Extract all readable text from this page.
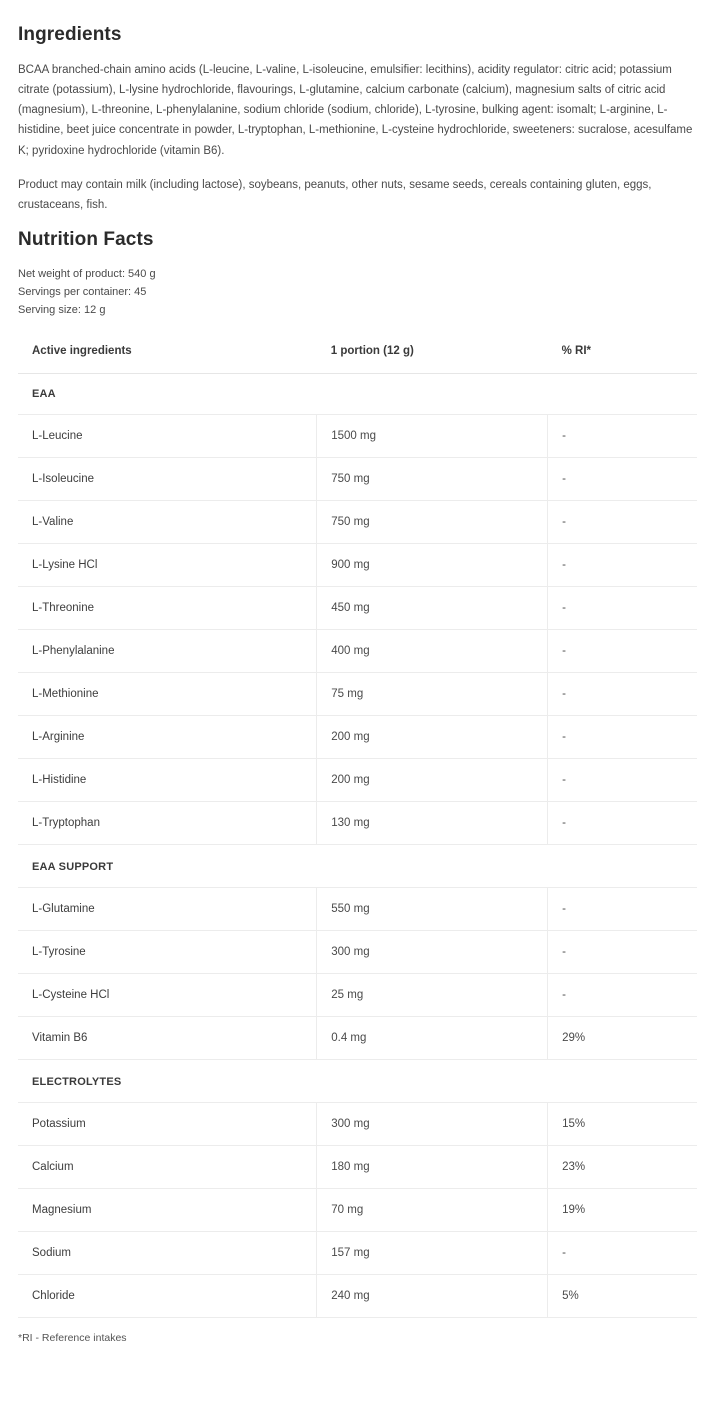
Ingredients

BCAA branched-chain amino acids (L-leucine, L-valine, L-isoleucine, emulsifier: lecithins), acidity regulator: citric acid; potassium citrate (potassium), L-lysine hydrochloride, flavourings, L-glutamine, calcium carbonate (calcium), magnesium salts of citric acid (magnesium), L-threonine, L-phenylalanine, sodium chloride (sodium, chloride), L-tyrosine, bulking agent: isomalt; L-arginine, L-histidine, beet juice concentrate in powder, L-tryptophan, L-methionine, L-cysteine hydrochloride, sweeteners: sucralose, acesulfame K; pyridoxine hydrochloride (vitamin B6).

Product may contain milk (including lactose), soybeans, peanuts, other nuts, sesame seeds, cereals containing gluten, eggs, crustaceans, fish.

Nutrition Facts
Net weight of product: 540 g
Servings per container: 45
Serving size: 12 g
Active ingredients	1 portion (12 g)	% RI*
EAA		
L-Leucine	1500 mg	-
L-Isoleucine	750 mg	-
L-Valine	750 mg	-
L-Lysine HCl	900 mg	-
L-Threonine	450 mg	-
L-Phenylalanine	400 mg	-
L-Methionine	75 mg	-
L-Arginine	200 mg	-
L-Histidine	200 mg	-
L-Tryptophan	130 mg	-
EAA SUPPORT		
L-Glutamine	550 mg	-
L-Tyrosine	300 mg	-
L-Cysteine HCl	25 mg	-
Vitamin B6	0.4 mg	29%
ELECTROLYTES		
Potassium	300 mg	15%
Calcium	180 mg	23%
Magnesium	70 mg	19%
Sodium	157 mg	-
Chloride	240 mg	5%

*RI - Reference intakes
